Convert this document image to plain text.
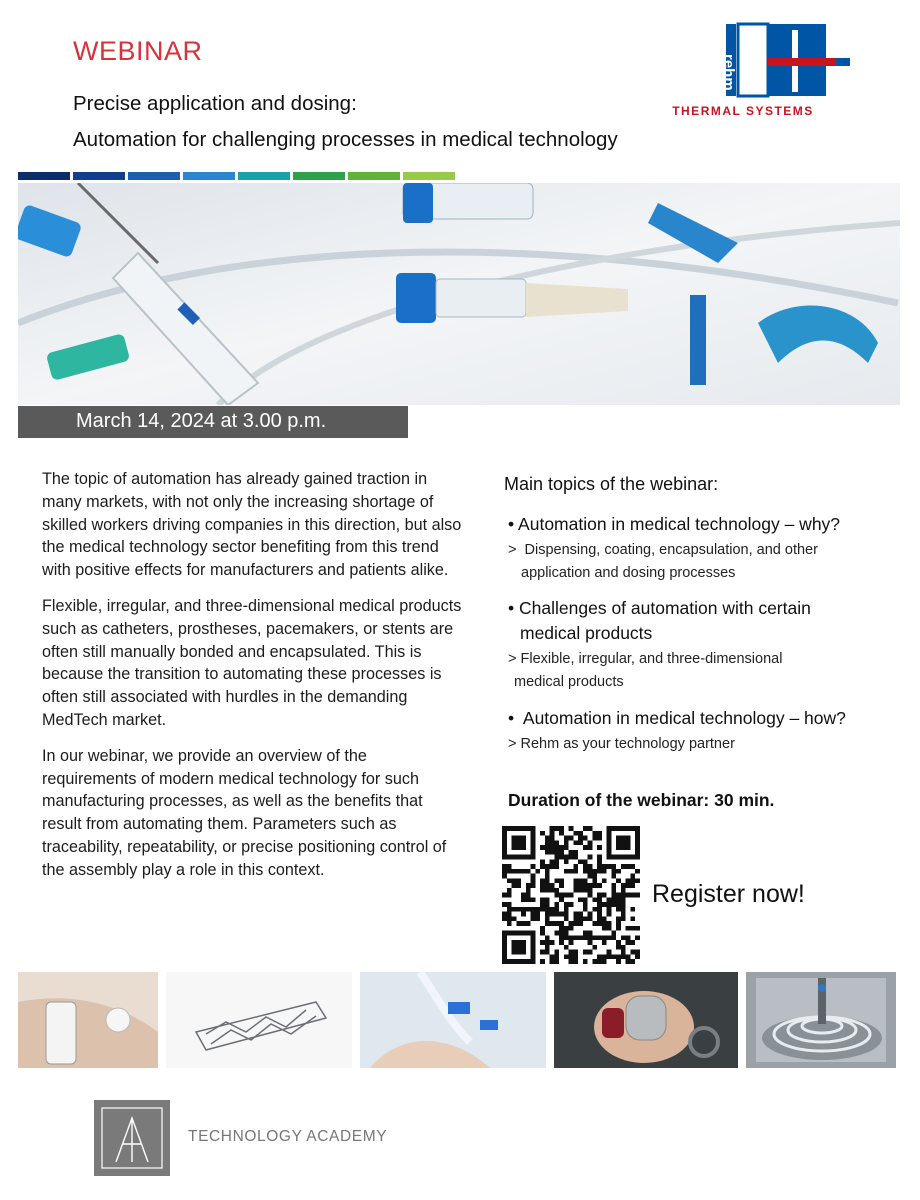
WEBINAR
Precise application and dosing:
Automation for challenging processes in medical technology
rehm
THERMAL SYSTEMS
March 14, 2024 at 3.00 p.m.

The topic of automation has already gained traction in many markets, with not only the increasing shortage of skilled workers driving companies in this direction, but also the medical technology sector benefiting from this trend with positive effects for manufacturers and patients alike.

Flexible, irregular, and three-dimensional medical products such as catheters, prostheses, pacemakers, or stents are often still manually bonded and encapsulated. This is because the transition to automating these processes is often still associated with hurdles in the demanding MedTech market.

In our webinar, we provide an overview of the requirements of modern medical technology for such manufacturing processes, as well as the benefits that result from automating them. Parameters such as traceability, repeatability, or precise positioning control of the assembly play a role in this context.

Main topics of the webinar:
• Automation in medical technology – why?
> Dispensing, coating, encapsulation, and other
application and dosing processes
• Challenges of automation with certain
medical products
> Flexible, irregular, and three-dimensional
medical products
• Automation in medical technology – how?
> Rehm as your technology partner
Duration of the webinar: 30 min.
Register now!
TECHNOLOGY ACADEMY
